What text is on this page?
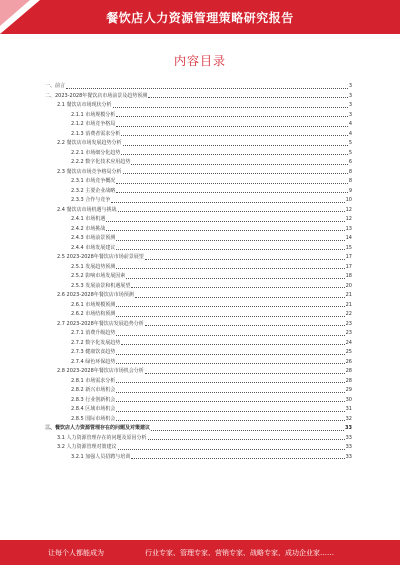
餐饮店人力资源管理策略研究报告
内容目录
一、前言	3
二、2023-2028年餐饮店市场前景及趋势预测	3
2.1 餐饮店市场现状分析	3
2.1.1 市场规模分析	3
2.1.2 市场竞争格局	4
2.1.3 消费者需求分析	4
2.2 餐饮店市场发展趋势分析	5
2.2.1 市场细分化趋势	5
2.2.2 数字化技术应用趋势	6
2.3 餐饮店市场竞争格局分析	8
2.3.1 市场竞争概况	8
2.3.2 主要企业战略	9
2.3.3 合作与竞争	10
2.4 餐饮店市场机遇与挑战	12
2.4.1 市场机遇	12
2.4.2 市场挑战	13
2.4.3 市场前景预测	14
2.4.4 市场发展建议	15
2.5 2023-2028年餐饮店市场前景展望	17
2.5.1 发展趋势预测	17
2.5.2 影响市场发展因素	18
2.5.3 发展前景和机遇展望	20
2.6 2023-2028年餐饮店市场预测	21
2.6.1 市场规模预测	21
2.6.2 市场结构预测	22
2.7 2023-2028年餐饮店发展趋势分析	23
2.7.1 消费升级趋势	23
2.7.2 数字化发展趋势	24
2.7.3 健康饮食趋势	25
2.7.4 绿色环保趋势	26
2.8 2023-2028年餐饮店市场机会分析	28
2.8.1 市场需求分析	28
2.8.2 新兴市场机会	29
2.8.3 行业创新机会	30
2.8.4 区域市场机会	31
2.8.5 国际市场机会	32
三、餐饮店人力资源管理存在的问题及对策建议	33
3.1 人力资源管理存在的问题及原因分析	33
3.2 人力资源管理对策建议	33
3.2.1 加强人员招聘与培训	33
让每个人都能成为	行业专家、管理专家、营销专家、战略专家、成功企业家……
